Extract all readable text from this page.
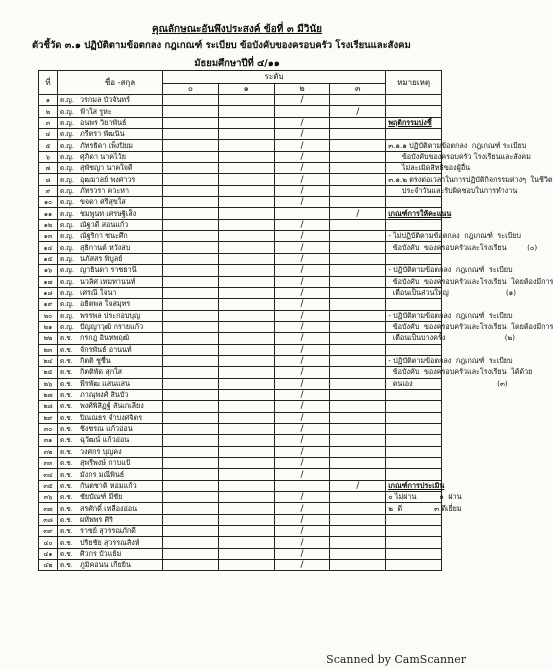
คุณลักษณะอันพึงประสงค์ ข้อที่ ๓ มีวินัย
ตัวชี้วัด ๓.๑ ปฏิบัติตามข้อตกลง กฎเกณฑ์ ระเบียบ ข้อบังคับของครอบครัว โรงเรียนและสังคม
มัธยมศึกษาปีที่ ๔/๑๑
ที่		ชื่อ -สกุล	ระดับ				หมายเหตุ
			๐	๑	๒	๓	
๑	ด.ญ.	วรกมล บัวจันทร์			/		
๒	ด.ญ.	ฟ้าใส รูหะ				/	
๓	ด.ญ.	อนพร วิยาพันธ์			/		พฤติกรรมบ่งชี้
๔	ด.ญ.	ภรีตรา พัฒนิน			/		
๕	ด.ญ.	ภัทรธิดา เพ็งปิยม			/		๓.๑.๑ ปฏิบัติตามข้อตกลง  กฎเกณฑ์ ระเบียบ
๖	ด.ญ.	ศุภิดา นาคไว้ย			/		ข้อบังคับของครอบครัว โรงเรียนและสังคม
๗	ด.ญ.	สุพัชญา นาคใจดี			/		ไม่ละเมิดสิทธิของผู้อื่น
๘	ด.ญ.	อุฒมาลย์ พงศาวร			/		๓.๑.๒ ตรงต่อเวลาในการปฏิบัติกิจกรรมต่างๆ  ในชีวิต
๙	ด.ญ.	ภัทรวรา ควะหา			/		ประจำวันและรับผิดชอบในการทำงาน
๑๐	ด.ญ.	ขจดา ศรีสุขใส			/		
๑๑	ด.ญ.	ชมพูนท เศรษฐิเส็ง				/	เกณฑ์การให้คะแนน
๑๒	ด.ญ.	ณัฐวดี สอนแก้ว			/		
๑๓	ด.ญ.	ณัฐริกา ชนะศึก			/		- ไม่ปฏิบัติตามข้อตกลง  กฎเกณฑ์  ระเบียบ
๑๔	ด.ญ.	สุธิกานต์ หวังสบ			/		ข้อบังคับ  ของครอบครัวและโรงเรียน         (๐)
๑๕	ด.ญ.	นภัสสร พิบูลย์			/		
๑๖	ด.ญ.	ญาธินดา ราชธานี			/		- ปฏิบัติตามข้อตกลง  กฎเกณฑ์  ระเบียบ
๑๗	ด.ญ.	นวลิศ เหมทานนท์			/		ข้อบังคับ  ของครอบครัวและโรงเรียน  โดยต้องมีการ
๑๘	ด.ญ.	เศรณี ใจนา			/		เตือนเป็นส่วนใหญ่                         (๑)
๑๙	ด.ญ.	อธิตพล ใจสมุทร			/		
๒๐	ด.ญ.	พรรพล ประกอบบุญ			/		- ปฏิบัติตามข้อตกลง  กฎเกณฑ์  ระเบียบ
๒๑	ด.ญ.	ปัญญาวุฒิ กรายแก้ว			/		ข้อบังคับ  ของครอบครัวและโรงเรียน  โดยต้องมีการ
๒๒	ด.ช.	กรกฎ อินทพฤฒิ			/		เตือนเป็นบางครั้ง                          (๒)
๒๓	ด.ช.	จักรพันธ์ อานนท์			/		
๒๔	ด.ช.	กิตติ ชูชื่น			/		- ปฏิบัติตามข้อตกลง  กฎเกณฑ์  ระเบียบ
๒๕	ด.ช.	กิตติพัด สุกใส			/		ข้อบังคับ  ของครอบครัวและโรงเรียน  ได้ด้วย
๒๖	ด.ช.	พีรพัฒ แสนแสน			/		ตนเอง                                     (๓)
๒๗	ด.ช.	ภาณุพงศ์ สินบัว			/		
๒๘	ด.ช.	พงศ์พิสิฏฐ์ สันเกเลียง			/		
๒๙	ด.ช.	ปิณณธร จำบงศจิตร			/		
๓๐	ด.ช.	ชิงชรณ แก้วอ่อน			/		
๓๑	ด.ช.	ฉุวัฒน์ แก้วอ่อน			/		
๓๒	ด.ช.	วงศกร บุญคง			/		
๓๓	ด.ช.	สุพรีพงษ์ กาบแป้			/		
๓๔	ด.ช.	มังกร มณีพินธ์			/		
๓๕	ด.ช.	กันตชาติ หอมแก้ว				/	เกณฑ์การประเมิน
๓๖	ด.ช.	ชัยบัณฑ์ มีชัย			/		๐ ไม่ผ่าน          ๑  ผ่าน
๓๗	ด.ช.	สรศักดิ์ เหลืองอ่อน			/		๒  ดี              ๓ ดีเยี่ยม
๓๘	ด.ช.	ผหัพพร ศิริ			/		
๓๙	ด.ช.	ราชย์ สุวรรณภักดี			/		
๔๐	ด.ช.	ปริยชัย สุวรรณสิงห์			/		
๔๑	ด.ช.	ศิวกร บัวแย้ม			/		
๔๒	ด.ช.	ภูมิคอนน เกียยิน			/		
Scanned by CamScanner
